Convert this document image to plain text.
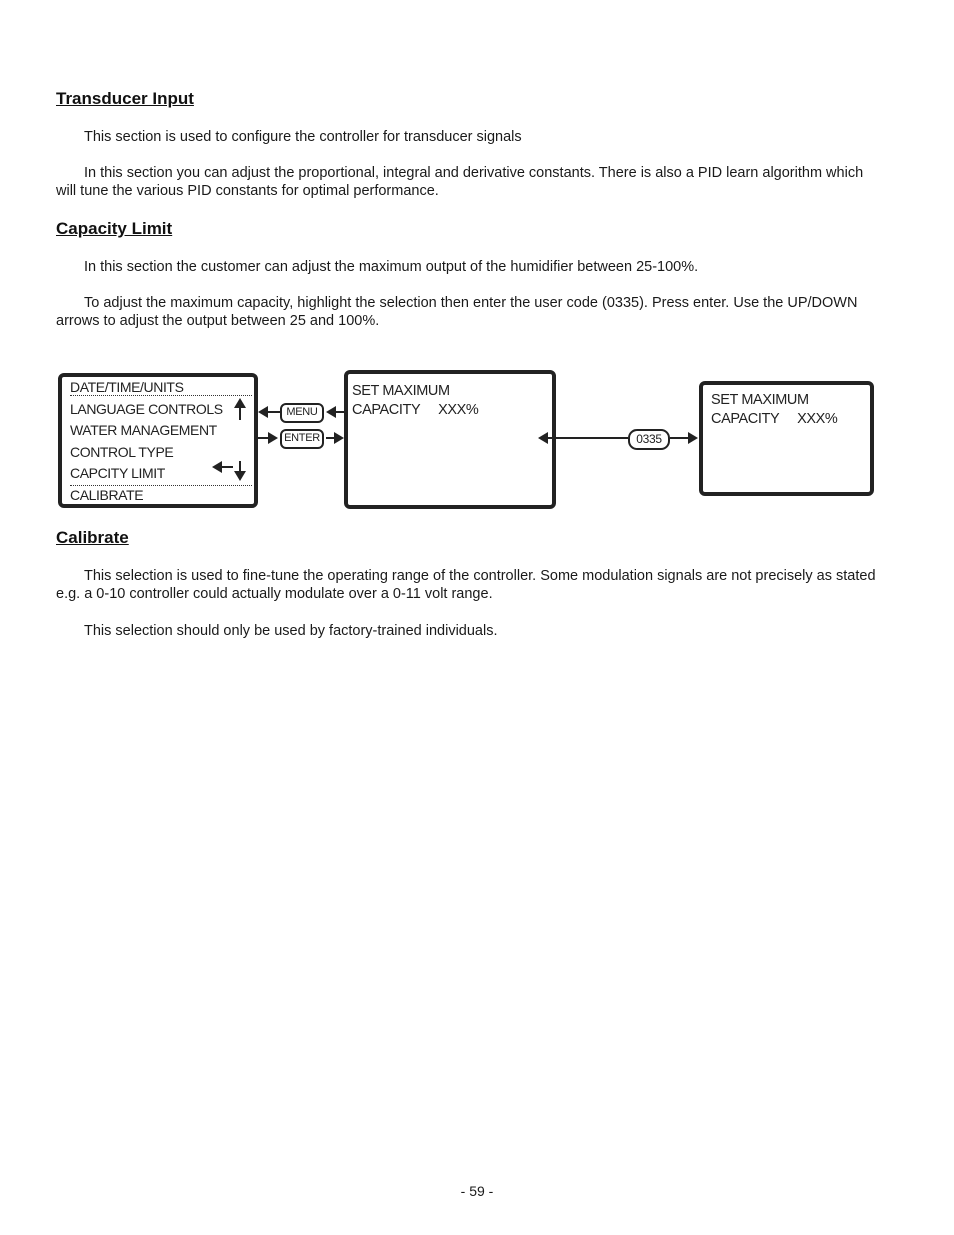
Transducer Input

This section is used to configure the controller for transducer signals

In this section you can adjust the proportional, integral and derivative constants. There is also a PID learn algorithm which will tune the various PID constants for optimal performance.

Capacity Limit

In this section the customer can adjust the maximum output of the humidifier between 25-100%.

To adjust the maximum capacity, highlight the selection then enter the user code (0335). Press enter. Use the UP/DOWN arrows to adjust the output between 25 and 100%.

DATE/TIME/UNITS
LANGUAGE CONTROLS
WATER MANAGEMENT
CONTROL TYPE
CAPCITY LIMIT
CALIBRATE
MENU
ENTER
SET MAXIMUM
CAPACITY     XXX%
0335
SET MAXIMUM
CAPACITY     XXX%
Calibrate

This selection is used to fine-tune the operating range of the controller. Some modulation signals are not precisely as stated e.g. a 0-10 controller could actually modulate over a 0-11 volt range.

This selection should only be used by factory-trained individuals.

- 59 -
